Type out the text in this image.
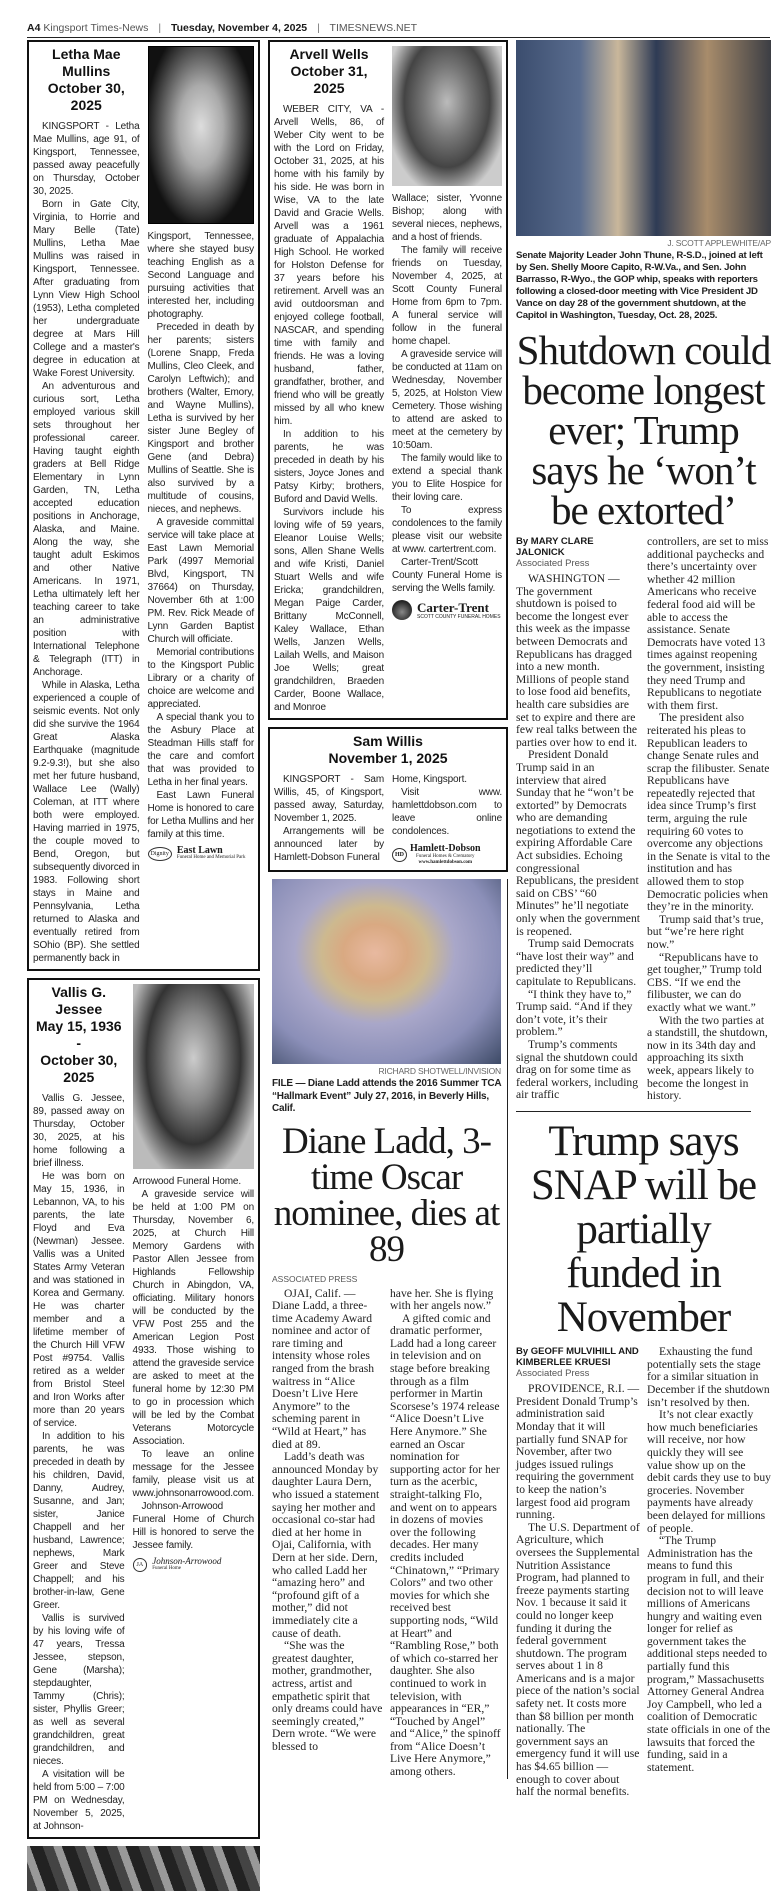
A4 Kingsport Times-News | Tuesday, November 4, 2025 | TIMESNEWS.NET
Letha Mae Mullins
October 30, 2025

KINGSPORT - Letha Mae Mullins, age 91, of Kingsport, Tennessee, passed away peacefully on Thursday, October 30, 2025.

Born in Gate City, Virginia, to Horrie and Mary Belle (Tate) Mullins, Letha Mae Mullins was raised in Kingsport, Tennessee. After graduating from Lynn View High School (1953), Letha completed her undergraduate degree at Mars Hill College and a master's degree in education at Wake Forest University.

An adventurous and curious sort, Letha employed various skill sets throughout her professional career. Having taught eighth graders at Bell Ridge Elementary in Lynn Garden, TN, Letha accepted education positions in Anchorage, Alaska, and Maine. Along the way, she taught adult Eskimos and other Native Americans. In 1971, Letha ultimately left her teaching career to take an administrative position with International Telephone & Telegraph (ITT) in Anchorage.

While in Alaska, Letha experienced a couple of seismic events. Not only did she survive the 1964 Great Alaska Earthquake (magnitude 9.2-9.3!), but she also met her future husband, Wallace Lee (Wally) Coleman, at ITT where both were employed. Having married in 1975, the couple moved to Bend, Oregon, but subsequently divorced in 1983. Following short stays in Maine and Pennsylvania, Letha returned to Alaska and eventually retired from SOhio (BP). She settled permanently back in

Kingsport, Tennessee, where she stayed busy teaching English as a Second Language and pursuing activities that interested her, including photography.

Preceded in death by her parents; sisters (Lorene Snapp, Freda Mullins, Cleo Cleek, and Carolyn Leftwich); and brothers (Walter, Emory, and Wayne Mullins), Letha is survived by her sister June Begley of Kingsport and brother Gene (and Debra) Mullins of Seattle. She is also survived by a multitude of cousins, nieces, and nephews.

A graveside committal service will take place at East Lawn Memorial Park (4997 Memorial Blvd, Kingsport, TN 37664) on Thursday, November 6th at 1:00 PM. Rev. Rick Meade of Lynn Garden Baptist Church will officiate.

Memorial contributions to the Kingsport Public Library or a charity of choice are welcome and appreciated.

A special thank you to the Asbury Place at Steadman Hills staff for the care and comfort that was provided to Letha in her final years.

East Lawn Funeral Home is honored to care for Letha Mullins and her family at this time.

Dignity East Lawn
Funeral Home and Memorial Park
Vallis G. Jessee
May 15, 1936 -
October 30, 2025

Vallis G. Jessee, 89, passed away on Thursday, October 30, 2025, at his home following a brief illness.

He was born on May 15, 1936, in Lebannon, VA, to his parents, the late Floyd and Eva (Newman) Jessee. Vallis was a United States Army Veteran and was stationed in Korea and Germany. He was charter member and a lifetime member of the Church Hill VFW Post #9754. Vallis retired as a welder from Bristol Steel and Iron Works after more than 20 years of service.

In addition to his parents, he was preceded in death by his children, David, Danny, Audrey, Susanne, and Jan; sister, Janice Chappell and her husband, Lawrence; nephews, Mark Greer and Steve Chappell; and his brother-in-law, Gene Greer.

Vallis is survived by his loving wife of 47 years, Tressa Jessee, stepson, Gene (Marsha); stepdaughter, Tammy (Chris); sister, Phyllis Greer; as well as several grandchildren, great grandchildren, and nieces.

A visitation will be held from 5:00 – 7:00 PM on Wednesday, November 5, 2025, at Johnson-

Arrowood Funeral Home.

A graveside service will be held at 1:00 PM on Thursday, November 6, 2025, at Church Hill Memory Gardens with Pastor Allen Jessee from Highlands Fellowship Church in Abingdon, VA, officiating. Military honors will be conducted by the VFW Post 255 and the American Legion Post 4933. Those wishing to attend the graveside service are asked to meet at the funeral home by 12:30 PM to go in procession which will be led by the Combat Veterans Motorcycle Association.

To leave an online message for the Jessee family, please visit us at www.johnsonarrowood.com.

Johnson-Arrowood Funeral Home of Church Hill is honored to serve the Jessee family.

JA	Johnson-Arrowood
Funeral Home
Arvell Wells
October 31, 2025

WEBER CITY, VA - Arvell Wells, 86, of Weber City went to be with the Lord on Friday, October 31, 2025, at his home with his family by his side. He was born in Wise, VA to the late David and Gracie Wells. Arvell was a 1961 graduate of Appalachia High School. He worked for Holston Defense for 37 years before his retirement. Arvell was an avid outdoorsman and enjoyed college football, NASCAR, and spending time with family and friends. He was a loving husband, father, grandfather, brother, and friend who will be greatly missed by all who knew him.

In addition to his parents, he was preceded in death by his sisters, Joyce Jones and Patsy Kirby; brothers, Buford and David Wells.

Survivors include his loving wife of 59 years, Eleanor Louise Wells; sons, Allen Shane Wells and wife Kristi, Daniel Stuart Wells and wife Ericka; grandchildren, Megan Paige Carder, Brittany McConnell, Kaley Wallace, Ethan Wells, Janzen Wells, Lailah Wells, and Maison Joe Wells; great grandchildren, Braeden Carder, Boone Wallace, and Monroe

Wallace; sister, Yvonne Bishop; along with several nieces, nephews, and a host of friends.

The family will receive friends on Tuesday, November 4, 2025, at Scott County Funeral Home from 6pm to 7pm. A funeral service will follow in the funeral home chapel.

A graveside service will be conducted at 11am on Wednesday, November 5, 2025, at Holston View Cemetery. Those wishing to attend are asked to meet at the cemetery by 10:50am.

The family would like to extend a special thank you to Elite Hospice for their loving care.

To express condolences to the family please visit our website at www. cartertrent.com.

Carter-Trent/Scott County Funeral Home is serving the Wells family.

Carter-Trent
SCOTT COUNTY FUNERAL HOMES
Sam Willis
November 1, 2025

KINGSPORT - Sam Willis, 45, of Kingsport, passed away, Saturday, November 1, 2025.

Arrangements will be announced later by Hamlett-Dobson Funeral

Home, Kingsport.

Visit www. hamlettdobson.com to leave online condolences.

HD
Hamlett-Dobson
Funeral Homes & Crematory
www.hamlettdobson.com
RICHARD SHOTWELL/INVISION
FILE — Diane Ladd attends the 2016 Summer TCA “Hallmark Event” July 27, 2016, in Beverly Hills, Calif.
Diane Ladd, 3-time Oscar nominee, dies at 89
ASSOCIATED PRESS

OJAI, Calif. — Diane Ladd, a three-time Academy Award nominee and actor of rare timing and intensity whose roles ranged from the brash waitress in “Alice Doesn’t Live Here Anymore” to the scheming parent in “Wild at Heart,” has died at 89.

Ladd’s death was announced Monday by daughter Laura Dern, who issued a statement saying her mother and occasional co-star had died at her home in Ojai, California, with Dern at her side. Dern, who called Ladd her “amazing hero” and “profound gift of a mother,” did not immediately cite a cause of death.

“She was the greatest daughter, mother, grandmother, actress, artist and empathetic spirit that only dreams could have seemingly created,” Dern wrote. “We were blessed to

have her. She is flying with her angels now.”

A gifted comic and dramatic performer, Ladd had a long career in television and on stage before breaking through as a film performer in Martin Scorsese’s 1974 release “Alice Doesn’t Live Here Anymore.” She earned an Oscar nomination for supporting actor for her turn as the acerbic, straight-talking Flo, and went on to appears in dozens of movies over the following decades. Her many credits included “Chinatown,” “Primary Colors” and two other movies for which she received best supporting nods, “Wild at Heart” and “Rambling Rose,” both of which co-starred her daughter. She also continued to work in television, with appearances in “ER,” “Touched by Angel” and “Alice,” the spinoff from “Alice Doesn’t Live Here Anymore,” among others.

J. SCOTT APPLEWHITE/AP
Senate Majority Leader John Thune, R-S.D., joined at left by Sen. Shelly Moore Capito, R-W.Va., and Sen. John Barrasso, R-Wyo., the GOP whip, speaks with reporters following a closed-door meeting with Vice President JD Vance on day 28 of the government shutdown, at the Capitol in Washington, Tuesday, Oct. 28, 2025.
Shutdown could become longest ever; Trump says he ‘won’t be extorted’
By MARY CLARE JALONICK
Associated Press

WASHINGTON — The government shutdown is poised to become the longest ever this week as the impasse between Democrats and Republicans has dragged into a new month. Millions of people stand to lose food aid benefits, health care subsidies are set to expire and there are few real talks between the parties over how to end it.

President Donald Trump said in an interview that aired Sunday that he “won’t be extorted” by Democrats who are demanding negotiations to extend the expiring Affordable Care Act subsidies. Echoing congressional Republicans, the president said on CBS’ “60 Minutes” he’ll negotiate only when the government is reopened.

Trump said Democrats “have lost their way” and predicted they’ll capitulate to Republicans.

“I think they have to,” Trump said. “And if they don’t vote, it’s their problem.”

Trump’s comments signal the shutdown could drag on for some time as federal workers, including air traffic

controllers, are set to miss additional paychecks and there’s uncertainty over whether 42 million Americans who receive federal food aid will be able to access the assistance. Senate Democrats have voted 13 times against reopening the government, insisting they need Trump and Republicans to negotiate with them first.

The president also reiterated his pleas to Republican leaders to change Senate rules and scrap the filibuster. Senate Republicans have repeatedly rejected that idea since Trump’s first term, arguing the rule requiring 60 votes to overcome any objections in the Senate is vital to the institution and has allowed them to stop Democratic policies when they’re in the minority.

Trump said that’s true, but “we’re here right now.”

“Republicans have to get tougher,” Trump told CBS. “If we end the filibuster, we can do exactly what we want.”

With the two parties at a standstill, the shutdown, now in its 34th day and approaching its sixth week, appears likely to become the longest in history.

Trump says SNAP will be partially funded in November
By GEOFF MULVIHILL AND KIMBERLEE KRUESI
Associated Press

PROVIDENCE, R.I. — President Donald Trump’s administration said Monday that it will partially fund SNAP for November, after two judges issued rulings requiring the government to keep the nation’s largest food aid program running.

The U.S. Department of Agriculture, which oversees the Supplemental Nutrition Assistance Program, had planned to freeze payments starting Nov. 1 because it said it could no longer keep funding it during the federal government shutdown. The program serves about 1 in 8 Americans and is a major piece of the nation’s social safety net. It costs more than $8 billion per month nationally. The government says an emergency fund it will use has $4.65 billion — enough to cover about half the normal benefits.

Exhausting the fund potentially sets the stage for a similar situation in December if the shutdown isn’t resolved by then.

It’s not clear exactly how much beneficiaries will receive, nor how quickly they will see value show up on the debit cards they use to buy groceries. November payments have already been delayed for millions of people.

“The Trump Administration has the means to fund this program in full, and their decision not to will leave millions of Americans hungry and waiting even longer for relief as government takes the additional steps needed to partially fund this program,” Massachusetts Attorney General Andrea Joy Campbell, who led a coalition of Democratic state officials in one of the lawsuits that forced the funding, said in a statement.
